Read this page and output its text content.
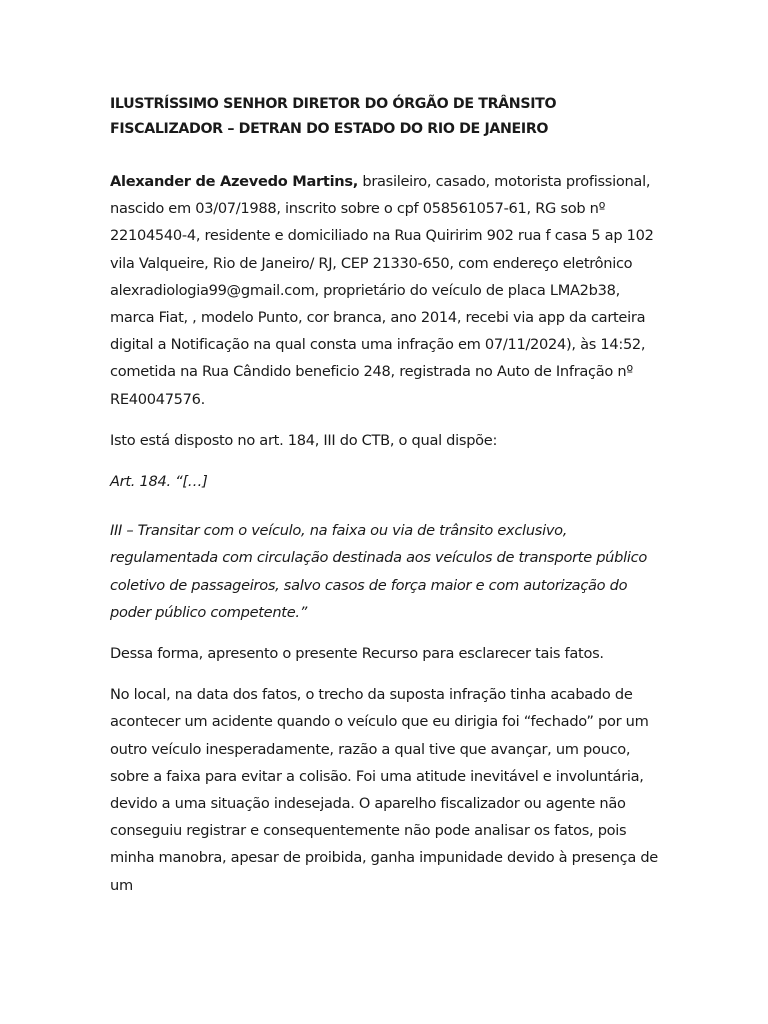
ILUSTRÍSSIMO SENHOR DIRETOR DO ÓRGÃO DE TRÂNSITO FISCALIZADOR – DETRAN DO ESTADO DO RIO DE JANEIRO

Alexander de Azevedo Martins, brasileiro, casado, motorista profissional, nascido em 03/07/1988, inscrito sobre o cpf 058561057-61, RG sob nº 22104540-4, residente e domiciliado na Rua Quiririm 902 rua f casa 5 ap 102 vila Valqueire, Rio de Janeiro/ RJ, CEP 21330-650, com endereço eletrônico alexradiologia99@gmail.com, proprietário do veículo de placa LMA2b38, marca Fiat, , modelo Punto, cor branca, ano 2014, recebi via app da carteira digital a Notificação na qual consta uma infração em 07/11/2024), às 14:52, cometida na Rua Cândido beneficio 248, registrada no Auto de Infração nº RE40047576.

Isto está disposto no art. 184, III do CTB, o qual dispõe:

Art. 184. “[…]

III – Transitar com o veículo, na faixa ou via de trânsito exclusivo, regulamentada com circulação destinada aos veículos de transporte público coletivo de passageiros, salvo casos de força maior e com autorização do poder público competente.”

Dessa forma, apresento o presente Recurso para esclarecer tais fatos.

No local, na data dos fatos, o trecho da suposta infração tinha acabado de acontecer um acidente quando o veículo que eu dirigia foi “fechado” por um outro veículo inesperadamente, razão a qual tive que avançar, um pouco, sobre a faixa para evitar a colisão. Foi uma atitude inevitável e involuntária, devido a uma situação indesejada. O aparelho fiscalizador ou agente não conseguiu registrar e consequentemente não pode analisar os fatos, pois minha manobra, apesar de proibida, ganha impunidade devido à presença de um
